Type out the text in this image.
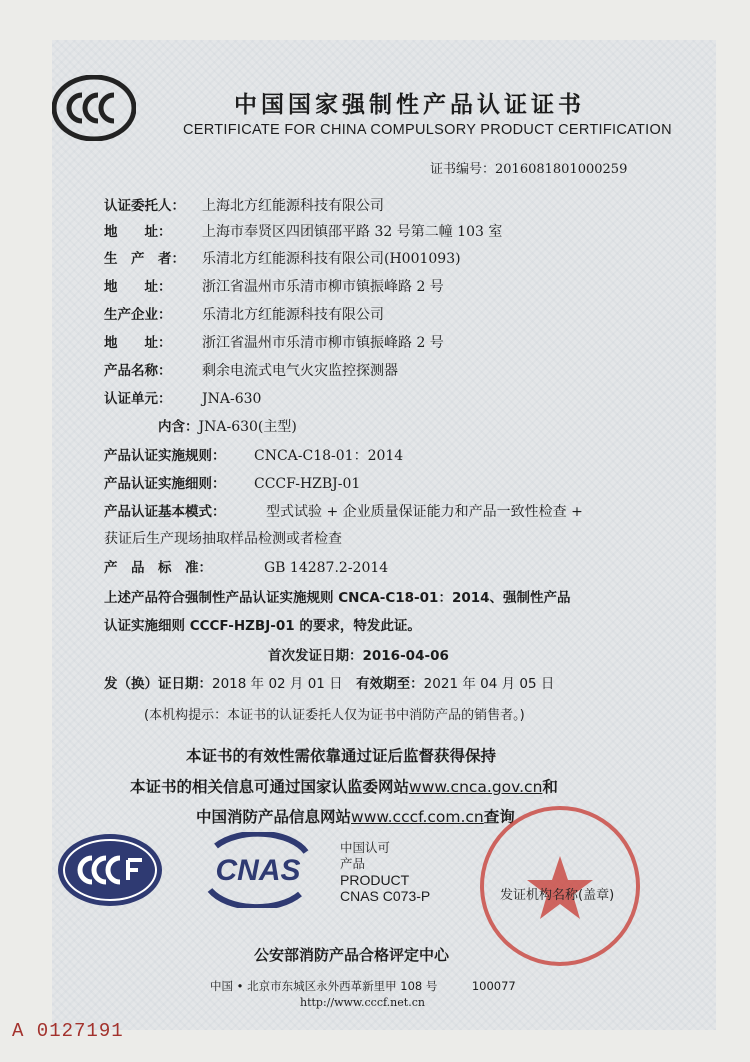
中国国家强制性产品认证证书
CERTIFICATE FOR CHINA COMPULSORY PRODUCT CERTIFICATION
证书编号：2016081801000259
认证委托人： 上海北方红能源科技有限公司
地　　址： 上海市奉贤区四团镇邵平路 32 号第二幢 103 室
生　产　者： 乐清北方红能源科技有限公司(H001093)
地　　址： 浙江省温州市乐清市柳市镇振峰路 2 号
生产企业： 乐清北方红能源科技有限公司
地　　址： 浙江省温州市乐清市柳市镇振峰路 2 号
产品名称： 剩余电流式电气火灾监控探测器
认证单元： JNA-630
内含：JNA-630(主型)
产品认证实施规则： CNCA-C18-01：2014
产品认证实施细则： CCCF-HZBJ-01
产品认证基本模式：	型式试验 + 企业质量保证能力和产品一致性检查 +
获证后生产现场抽取样品检测或者检查
产　品　标　准：	GB 14287.2-2014
上述产品符合强制性产品认证实施规则 CNCA-C18-01：2014、强制性产品
认证实施细则 CCCF-HZBJ-01 的要求，特发此证。
首次发证日期：2016-04-06
发（换）证日期：2018 年 02 月 01 日　 有效期至：2021 年 04 月 05 日
(本机构提示：本证书的认证委托人仅为证书中消防产品的销售者。)
本证书的有效性需依靠通过证后监督获得保持
本证书的相关信息可通过国家认监委网站www.cnca.gov.cn和
中国消防产品信息网站www.cccf.com.cn查询
CNAS
中国认可
产品
PRODUCT
CNAS C073-P	发证机构名称(盖章)
公安部消防产品合格评定中心
中国 • 北京市东城区永外西革新里甲 108 号　　　100077
http://www.cccf.net.cn
A 0127191
